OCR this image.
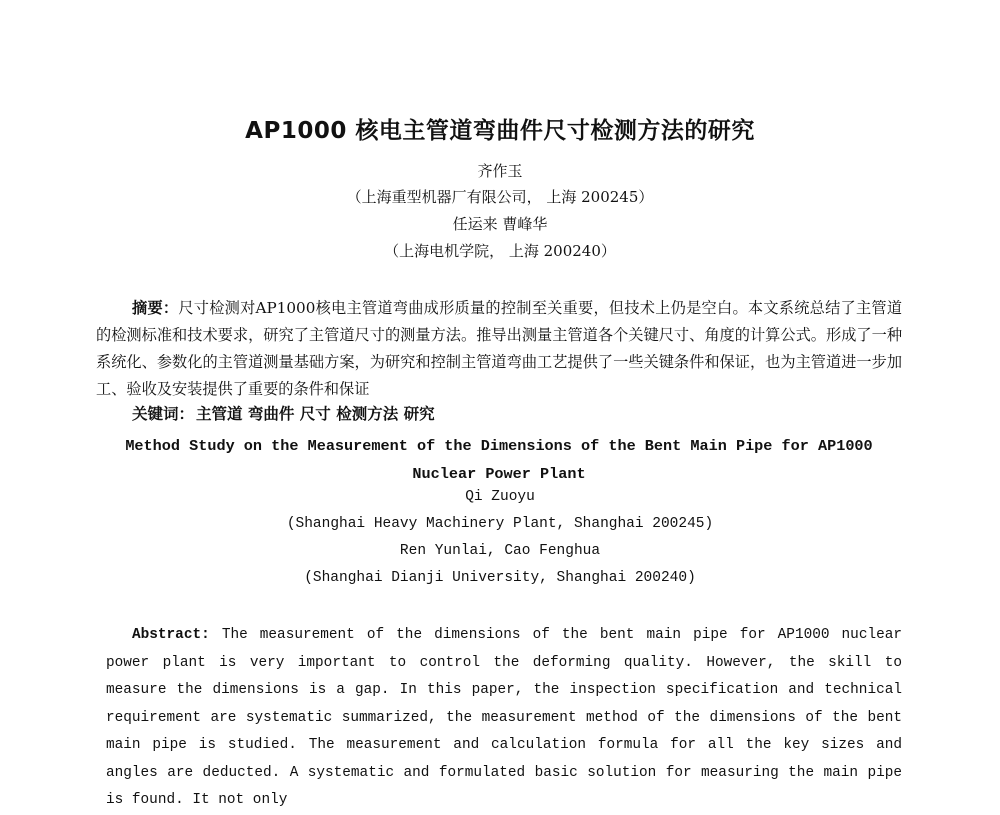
AP1000 核电主管道弯曲件尺寸检测方法的研究
齐作玉
（上海重型机器厂有限公司， 上海 200245）
任运来 曹峰华
（上海电机学院， 上海 200240）
摘要：尺寸检测对AP1000核电主管道弯曲成形质量的控制至关重要，但技术上仍是空白。本文系统总结了主管道的检测标准和技术要求，研究了主管道尺寸的测量方法。推导出测量主管道各个关键尺寸、角度的计算公式。形成了一种系统化、参数化的主管道测量基础方案，为研究和控制主管道弯曲工艺提供了一些关键条件和保证，也为主管道进一步加工、验收及安装提供了重要的条件和保证
关键词： 主管道 弯曲件 尺寸 检测方法 研究
Method Study on the Measurement of the Dimensions of the Bent Main Pipe for AP1000 Nuclear Power Plant
Qi Zuoyu
(Shanghai Heavy Machinery Plant, Shanghai 200245)
Ren Yunlai, Cao Fenghua
(Shanghai Dianji University, Shanghai 200240)
Abstract: The measurement of the dimensions of the bent main pipe for AP1000 nuclear power plant is very important to control the deforming quality. However, the skill to measure the dimensions is a gap. In this paper, the inspection specification and technical requirement are systematic summarized, the measurement method of the dimensions of the bent main pipe is studied. The measurement and calculation formula for all the key sizes and angles are deducted. A systematic and formulated basic solution for measuring the main pipe is found. It not only
